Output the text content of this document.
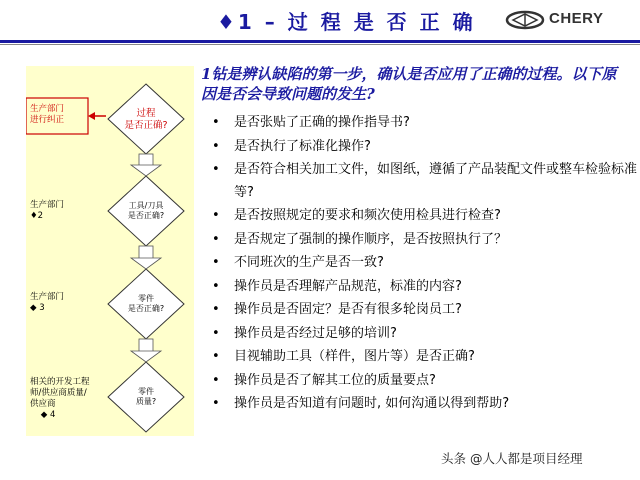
♦1 – 过 程 是 否 正 确	CHERY
生产部门
进行纠正
过程
是否正确?
生产部门
♦2
工具/刀具
是否正确?
生产部门
◆ 3
零件
是否正确?
相关的开发工程
师/供应商质量/
供应商
◆ 4
零件
质量?
1钻是辨认缺陷的第一步，确认是否应用了正确的过程。以下原因是否会导致问题的发生?
• 是否张贴了正确的操作指导书?
• 是否执行了标准化操作?
• 是否符合相关加工文件，如图纸，遵循了产品装配文件或整车检验标准等?
• 是否按照规定的要求和频次使用检具进行检查?
• 是否规定了强制的操作顺序，是否按照执行了？
• 不同班次的生产是否一致?
• 操作员是否理解产品规范，标准的内容?
• 操作员是否固定？是否有很多轮岗员工?
• 操作员是否经过足够的培训?
• 目视辅助工具（样件，图片等）是否正确?
• 操作员是否了解其工位的质量要点?
• 操作员是否知道有问题时, 如何沟通以得到帮助?
头条 @人人都是项目经理
